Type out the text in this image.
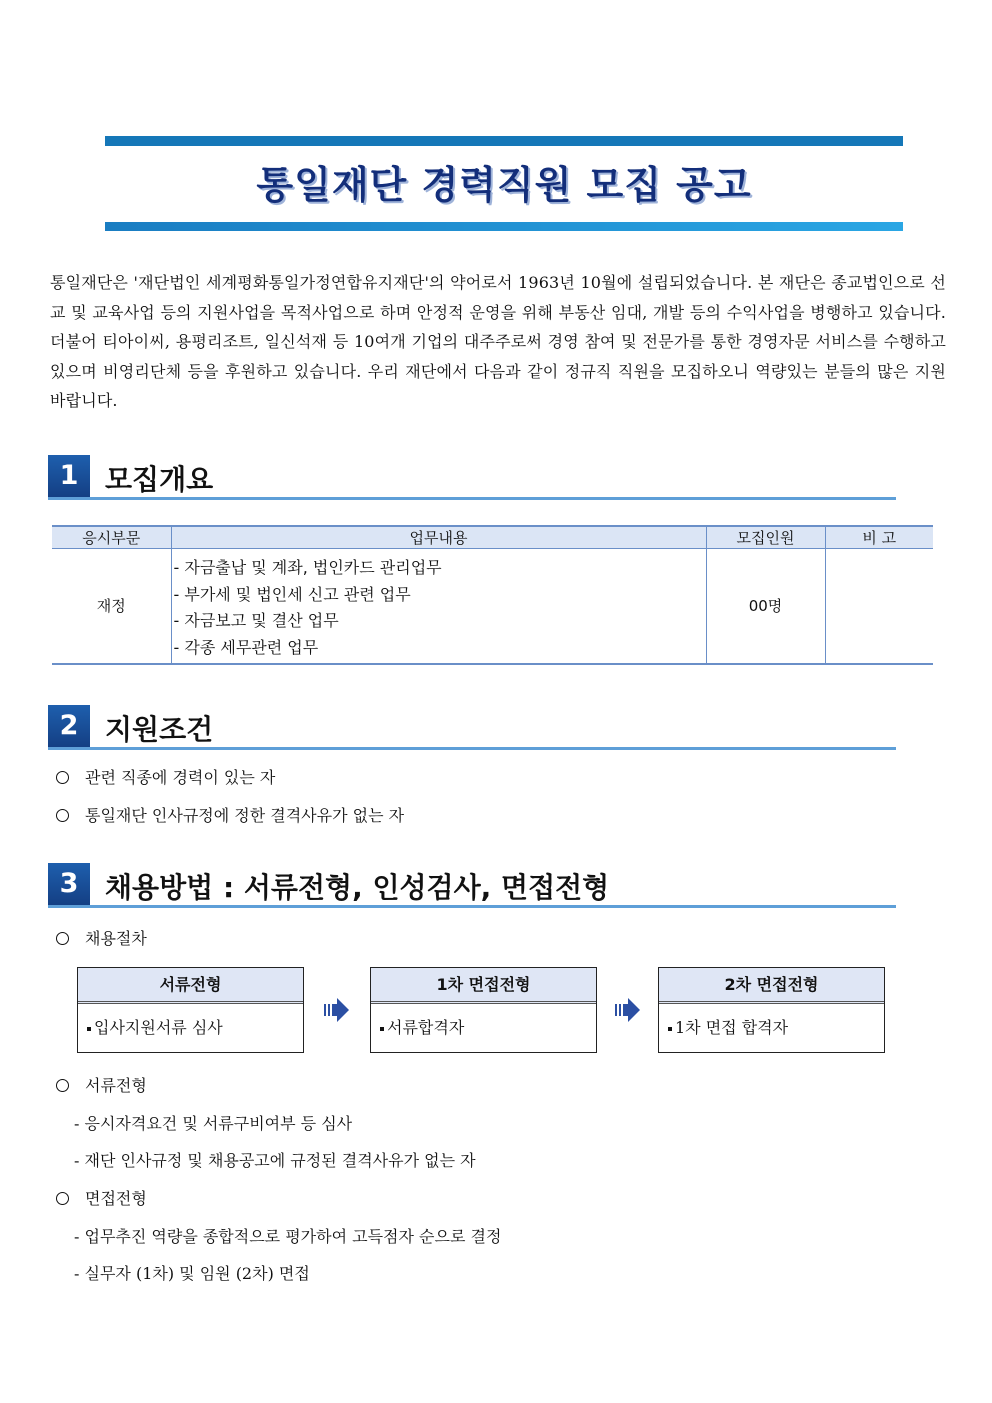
통일재단 경력직원 모집 공고

통일재단은 '재단법인 세계평화통일가정연합유지재단'의 약어로서 1963년 10월에 설립되었습니다. 본 재단은 종교법인으로 선교 및 교육사업 등의 지원사업을 목적사업으로 하며 안정적 운영을 위해 부동산 임대, 개발 등의 수익사업을 병행하고 있습니다. 더불어 티아이씨, 용평리조트, 일신석재 등 10여개 기업의 대주주로써 경영 참여 및 전문가를 통한 경영자문 서비스를 수행하고 있으며 비영리단체 등을 후원하고 있습니다. 우리 재단에서 다음과 같이 정규직 직원을 모집하오니 역량있는 분들의 많은 지원 바랍니다.

1 모집개요
응시부문	업무내용	모집인원	비 고
재정	- 자금출납 및 계좌, 법인카드 관리업무
- 부가세 및 법인세 신고 관련 업무
- 자금보고 및 결산 업무
- 각종 세무관련 업무	00명	
2 지원조건
관련 직종에 경력이 있는 자
통일재단 인사규정에 정한 결격사유가 없는 자
3 채용방법 : 서류전형, 인성검사, 면접전형
채용절차
서류전형
입사지원서류 심사
1차 면접전형
서류합격자
2차 면접전형
1차 면접 합격자
서류전형
- 응시자격요건 및 서류구비여부 등 심사
- 재단 인사규정 및 채용공고에 규정된 결격사유가 없는 자
면접전형
- 업무추진 역량을 종합적으로 평가하여 고득점자 순으로 결정
- 실무자 (1차) 및 임원 (2차) 면접
